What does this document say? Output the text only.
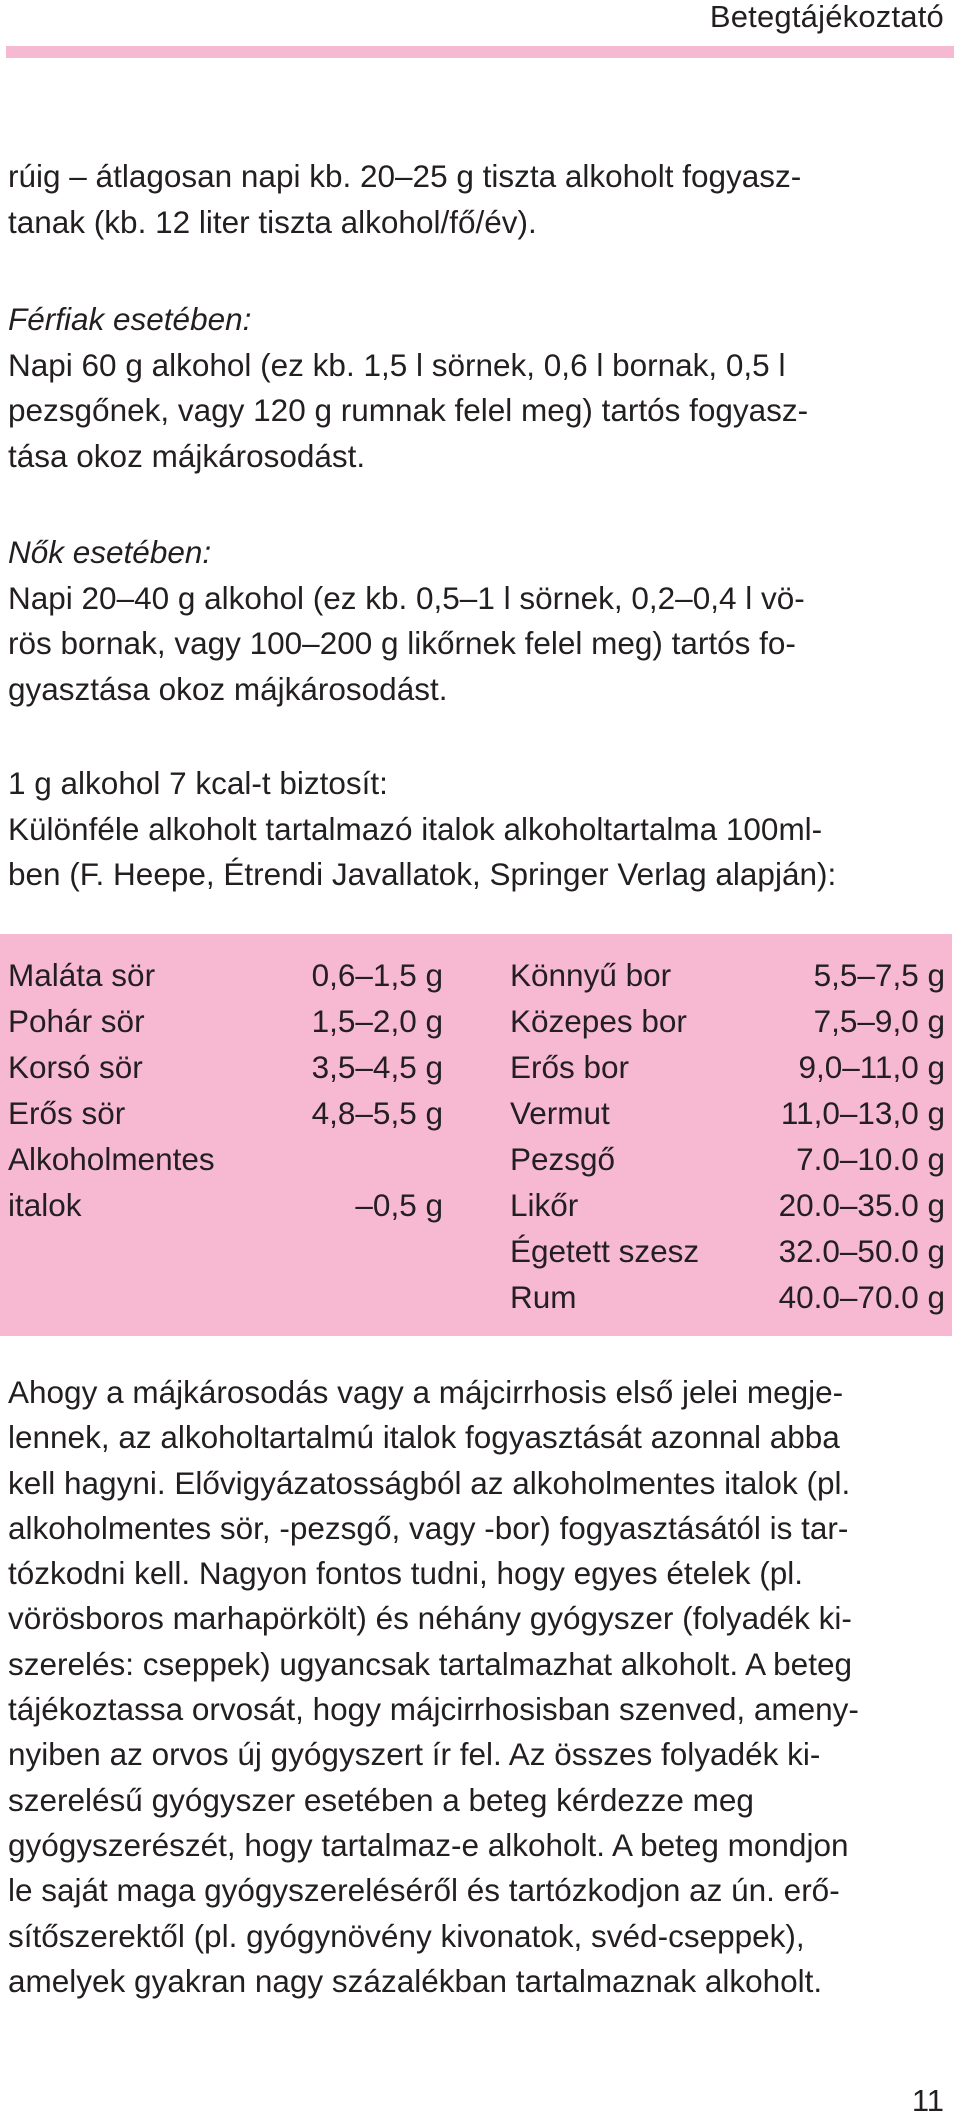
Betegtájékoztató

rúig – átlagosan napi kb. 20–25 g tiszta alkoholt fogyasz-
tanak (kb. 12 liter tiszta alkohol/fő/év).

Férfiak esetében:
Napi 60 g alkohol (ez kb. 1,5 l sörnek, 0,6 l bornak, 0,5 l
pezsgőnek, vagy 120 g rumnak felel meg) tartós fogyasz-
tása okoz májkárosodást.

Nők esetében:
Napi 20–40 g alkohol (ez kb. 0,5–1 l sörnek, 0,2–0,4 l vö-
rös bornak, vagy 100–200 g likőrnek felel meg) tartós fo-
gyasztása okoz májkárosodást.

1 g alkohol 7 kcal-t biztosít:
Különféle alkoholt tartalmazó italok alkoholtartalma 100ml-
ben (F. Heepe, Étrendi Javallatok, Springer Verlag alapján):

Maláta sör	0,6–1,5 g
Pohár sör	1,5–2,0 g
Korsó sör	3,5–4,5 g
Erős sör	4,8–5,5 g
Alkoholmentes
italok	–0,5 g
Könnyű bor	5,5–7,5 g
Közepes bor	7,5–9,0 g
Erős bor	9,0–11,0 g
Vermut	11,0–13,0 g
Pezsgő	7.0–10.0 g
Likőr	20.0–35.0 g
Égetett szesz	32.0–50.0 g
Rum	40.0–70.0 g

Ahogy a májkárosodás vagy a májcirrhosis első jelei megje-
lennek, az alkoholtartalmú italok fogyasztását azonnal abba
kell hagyni. Elővigyázatosságból az alkoholmentes italok (pl.
alkoholmentes sör, -pezsgő, vagy -bor) fogyasztásától is tar-
tózkodni kell. Nagyon fontos tudni, hogy egyes ételek (pl.
vörösboros marhapörkölt) és néhány gyógyszer (folyadék ki-
szerelés: cseppek) ugyancsak tartalmazhat alkoholt. A beteg
tájékoztassa orvosát, hogy májcirrhosisban szenved, ameny-
nyiben az orvos új gyógyszert ír fel. Az összes folyadék ki-
szerelésű gyógyszer esetében a beteg kérdezze meg
gyógyszerészét, hogy tartalmaz-e alkoholt. A beteg mondjon
le saját maga gyógyszereléséről és tartózkodjon az ún. erő-
sítőszerektől (pl. gyógynövény kivonatok, svéd-cseppek),
amelyek gyakran nagy százalékban tartalmaznak alkoholt.

11
